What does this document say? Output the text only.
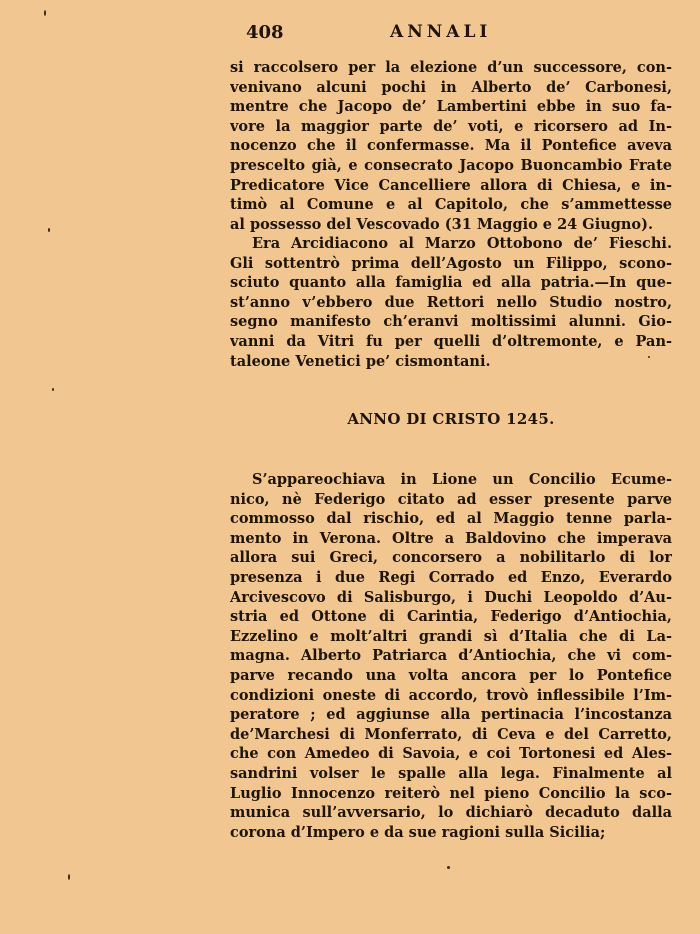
408	ANNALI
si raccolsero per la elezione d’un successore, con-
venivano alcuni pochi in Alberto de’ Carbonesi,
mentre che Jacopo de’ Lambertini ebbe in suo fa-
vore la maggior parte de’ voti, e ricorsero ad In-
nocenzo che il confermasse. Ma il Pontefice aveva
prescelto già, e consecrato Jacopo Buoncambio Frate
Predicatore Vice Cancelliere allora di Chiesa, e in-
timò al Comune e al Capitolo, che s’ammettesse
al possesso del Vescovado (31 Maggio e 24 Giugno).
Era Arcidiacono al Marzo Ottobono de’ Fieschi.
Gli sottentrò prima dell’Agosto un Filippo, scono-
sciuto quanto alla famiglia ed alla patria.—In que-
st’anno v’ebbero due Rettori nello Studio nostro,
segno manifesto ch’eranvi moltissimi alunni. Gio-
vanni da Vitri fu per quelli d’oltremonte, e Pan-
taleone Venetici pe’ cismontani.
ANNO DI CRISTO 1245.
S’appareochiava in Lione un Concilio Ecume-
nico, nè Federigo citato ad esser presente parve
commosso dal rischio, ed al Maggio tenne parla-
mento in Verona. Oltre a Baldovino che imperava
allora sui Greci, concorsero a nobilitarlo di lor
presenza i due Regi Corrado ed Enzo, Everardo
Arcivescovo di Salisburgo, i Duchi Leopoldo d’Au-
stria ed Ottone di Carintia, Federigo d’Antiochia,
Ezzelino e molt’altri grandi sì d’Italia che di La-
magna. Alberto Patriarca d’Antiochia, che vi com-
parve recando una volta ancora per lo Pontefice
condizioni oneste di accordo, trovò inflessibile l’Im-
peratore ; ed aggiunse alla pertinacia l’incostanza
de’Marchesi di Monferrato, di Ceva e del Carretto,
che con Amedeo di Savoia, e coi Tortonesi ed Ales-
sandrini volser le spalle alla lega. Finalmente al
Luglio Innocenzo reiterò nel pieno Concilio la sco-
munica sull’avversario, lo dichiarò decaduto dalla
corona d’Impero e da sue ragioni sulla Sicilia;
